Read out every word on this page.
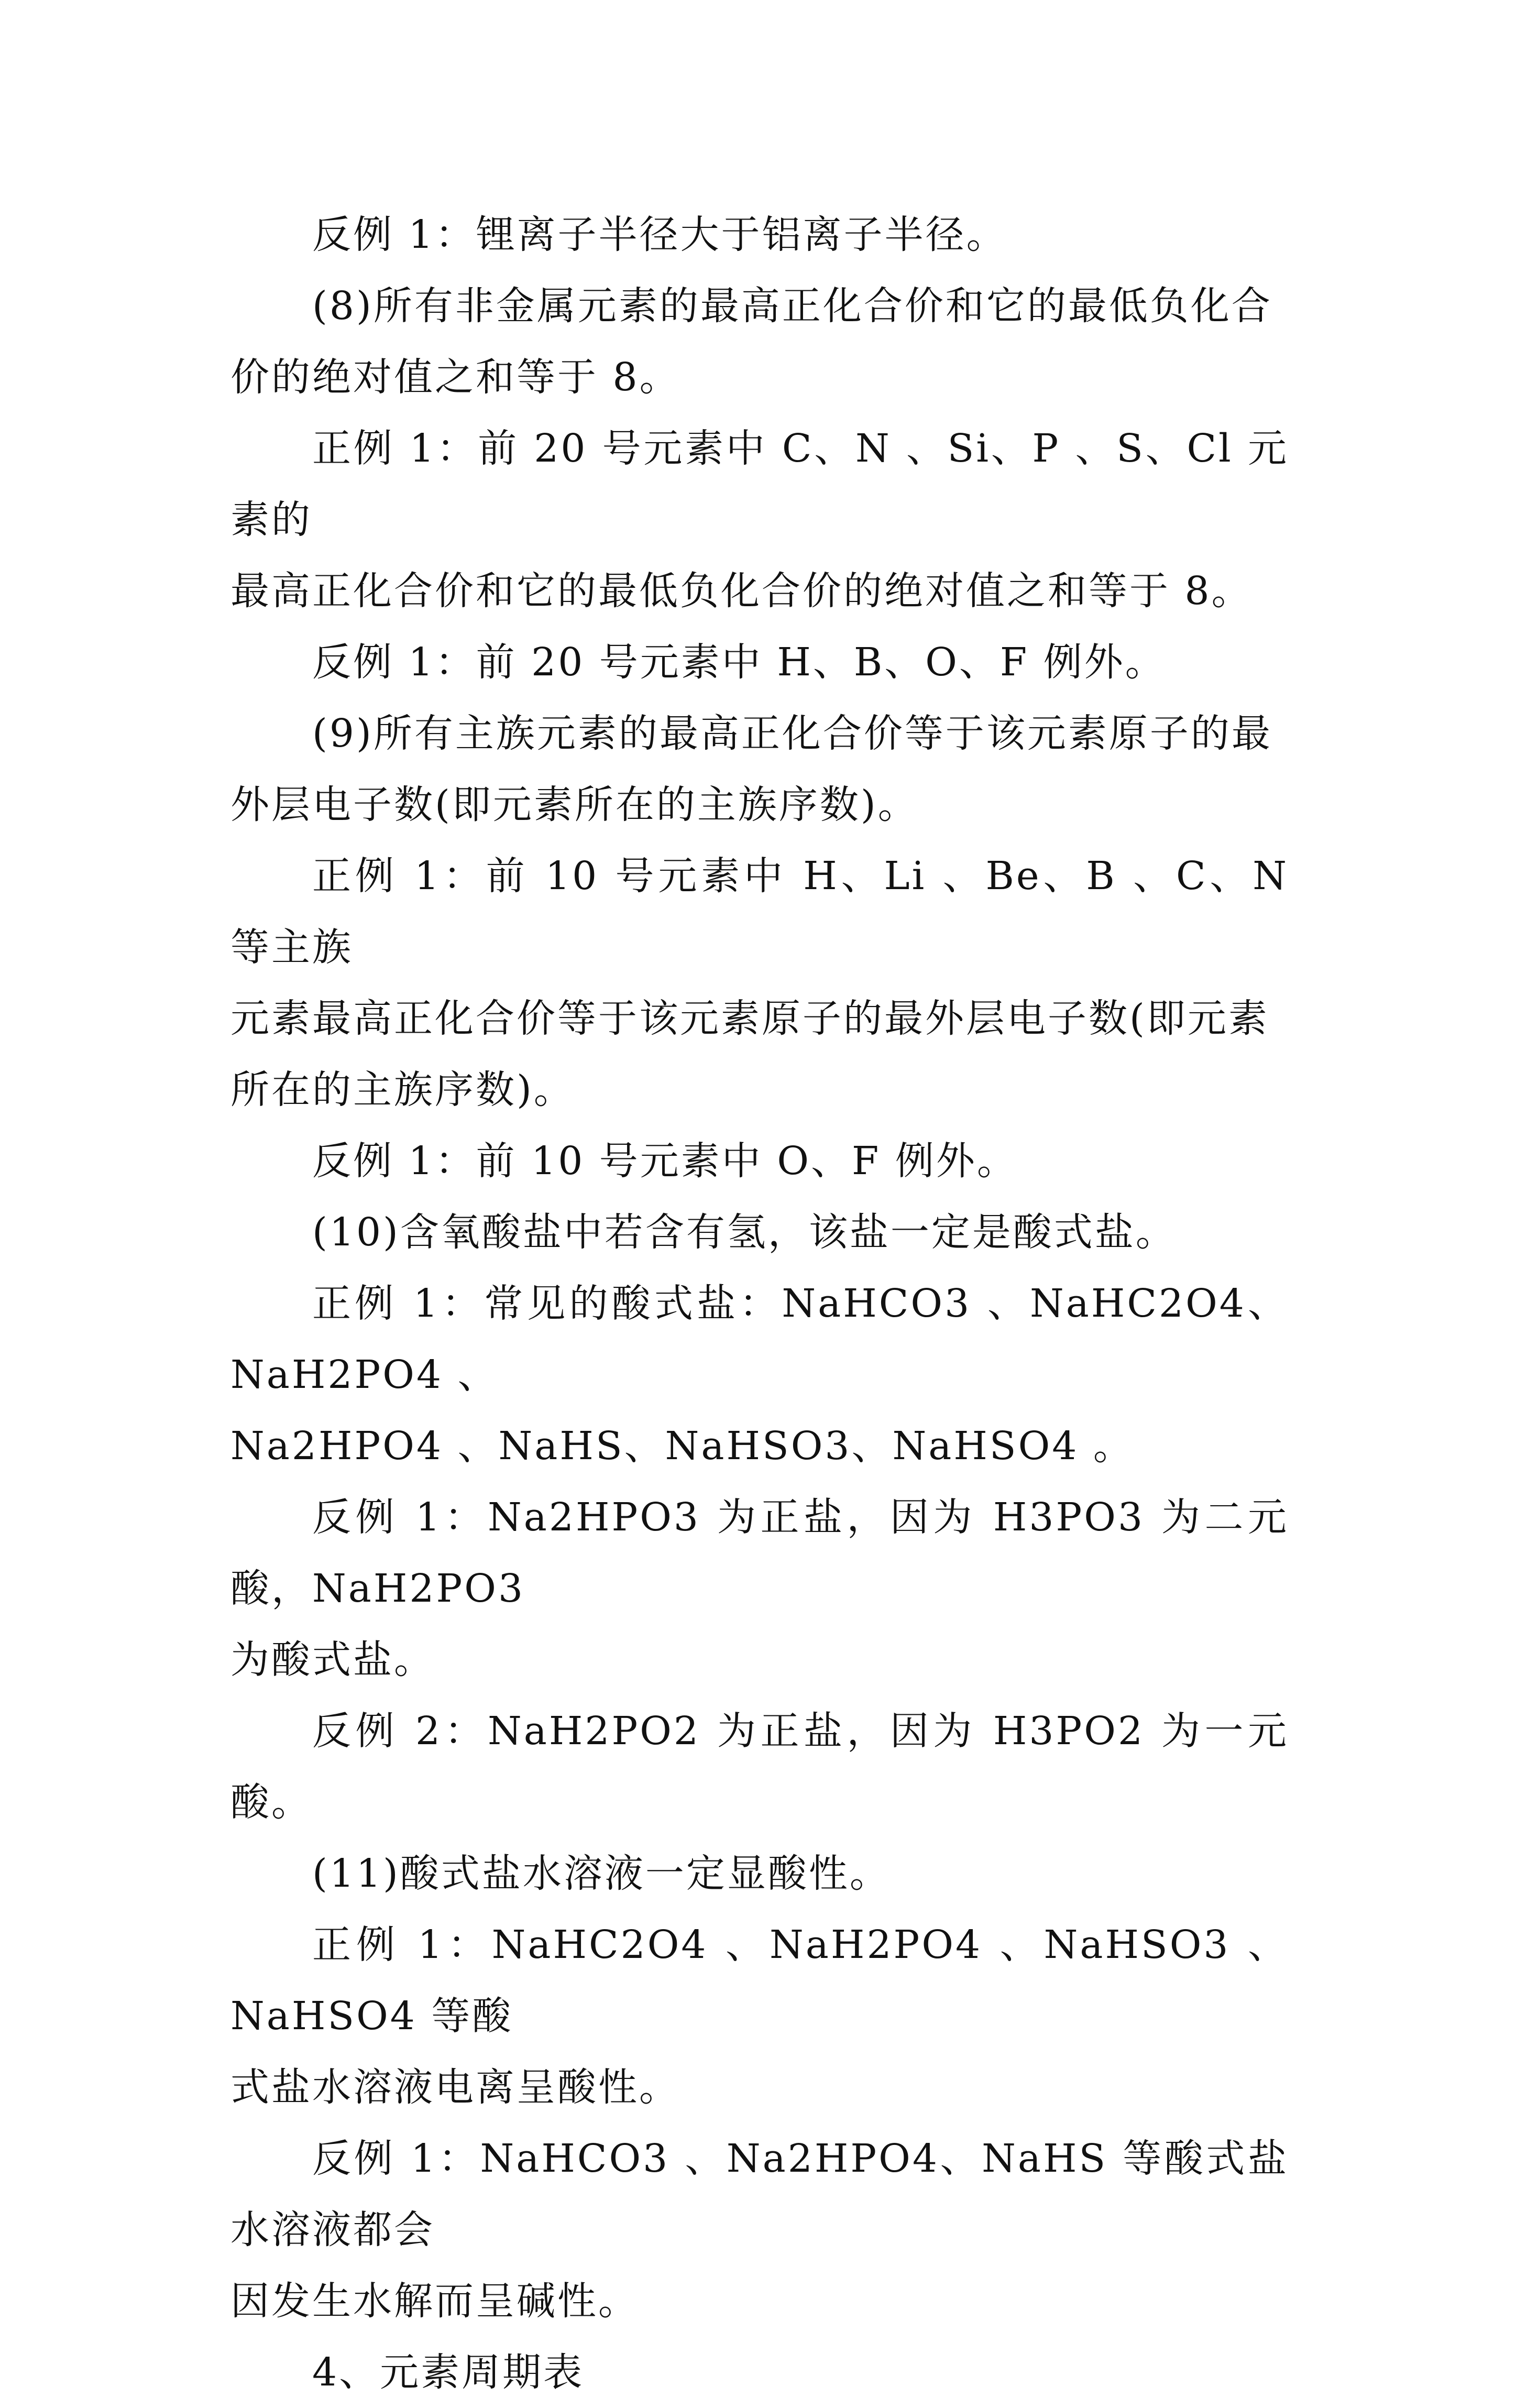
反例 1：锂离子半径大于铝离子半径。

(8)所有非金属元素的最高正化合价和它的最低负化合
价的绝对值之和等于 8。

正例 1：前 20 号元素中 C、N 、Si、P 、S、Cl 元素的
最高正化合价和它的最低负化合价的绝对值之和等于 8。

反例 1：前 20 号元素中 H、B、O、F 例外。

(9)所有主族元素的最高正化合价等于该元素原子的最
外层电子数(即元素所在的主族序数)。

正例 1：前 10 号元素中 H、Li 、Be、B 、C、N 等主族
元素最高正化合价等于该元素原子的最外层电子数(即元素
所在的主族序数)。

反例 1：前 10 号元素中 O、F 例外。

(10)含氧酸盐中若含有氢，该盐一定是酸式盐。

正例 1：常见的酸式盐：NaHCO3 、NaHC2O4、NaH2PO4 、
Na2HPO4 、NaHS、NaHSO3、NaHSO4 。

反例 1：Na2HPO3 为正盐，因为 H3PO3 为二元酸，NaH2PO3
为酸式盐。

反例 2：NaH2PO2 为正盐，因为 H3PO2 为一元酸。

(11)酸式盐水溶液一定显酸性。

正例 1：NaHC2O4 、NaH2PO4 、NaHSO3 、NaHSO4 等酸
式盐水溶液电离呈酸性。

反例 1：NaHCO3 、Na2HPO4、NaHS 等酸式盐水溶液都会
因发生水解而呈碱性。

4、元素周期表
